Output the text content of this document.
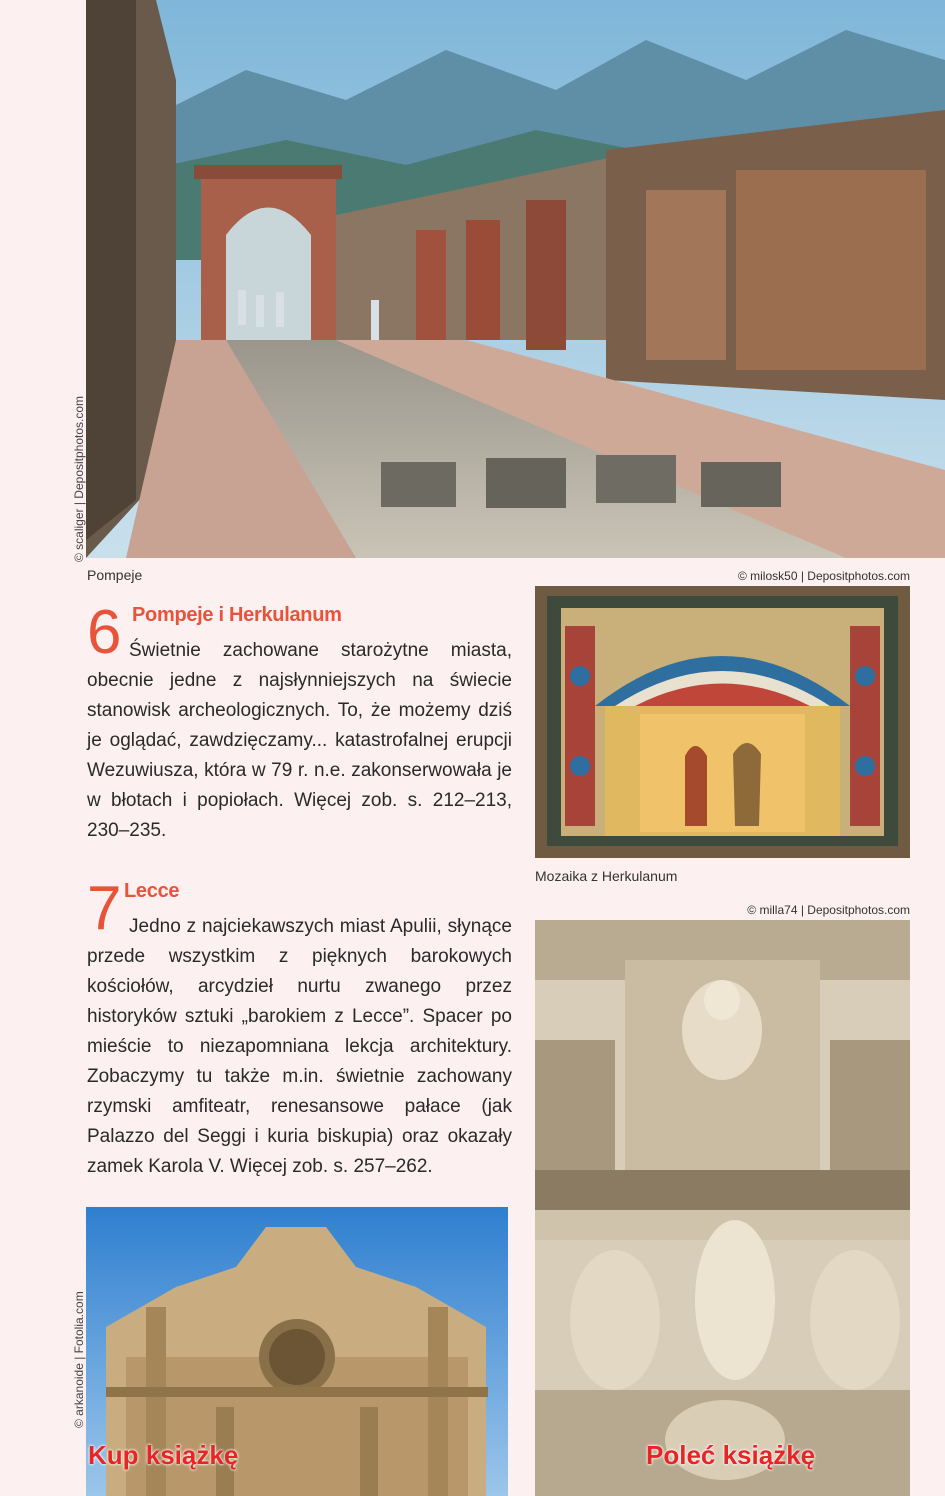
© scaliger | Depositphotos.com
Pompeje	© milosk50 | Depositphotos.com
Mozaika z Herkulanum
6 Pompeje i Herkulanum

Świetnie zachowane starożytne miasta, obecnie jedne z najsłynniejszych na świecie stanowisk archeologicznych. To, że możemy dziś je oglądać, zawdzięczamy... katastrofalnej erupcji Wezuwiusza, która w 79 r. n.e. zakonserwowała je w błotach i popiołach. Więcej zob. s. 212–213, 230–235.

7 Lecce

Jedno z najciekawszych miast Apulii, słynące przede wszystkim z pięknych barokowych kościołów, arcydzieł nurtu zwanego przez historyków sztuki „barokiem z Lecce”. Spacer po mieście to niezapomniana lekcja architektury. Zobaczymy tu także m.in. świetnie zachowany rzymski amfiteatr, renesansowe pałace (jak Palazzo del Seggi i kuria biskupia) oraz okazały zamek Karola V. Więcej zob. s. 257–262.

© milla74 | Depositphotos.com
© arkanoide | Fotolia.com
Kup książkę	Poleć książkę
